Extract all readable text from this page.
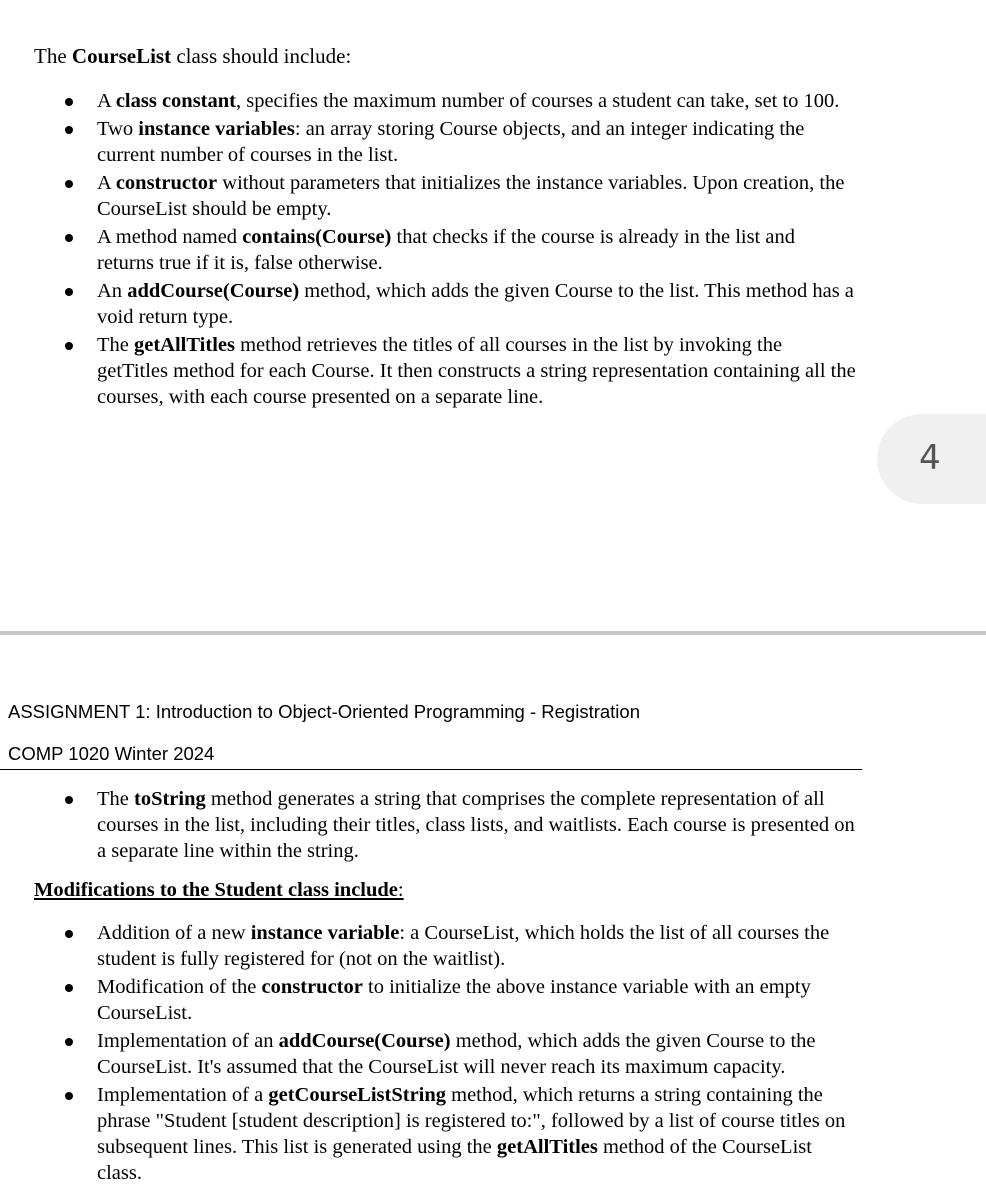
The CourseList class should include:

A class constant, specifies the maximum number of courses a student can take, set to 100.
Two instance variables: an array storing Course objects, and an integer indicating the current number of courses in the list.
A constructor without parameters that initializes the instance variables. Upon creation, the CourseList should be empty.
A method named contains(Course) that checks if the course is already in the list and returns true if it is, false otherwise.
An addCourse(Course) method, which adds the given Course to the list. This method has a void return type.
The getAllTitles method retrieves the titles of all courses in the list by invoking the getTitles method for each Course. It then constructs a string representation containing all the courses, with each course presented on a separate line.
4
ASSIGNMENT 1: Introduction to Object-Oriented Programming - Registration
COMP 1020 Winter 2024
The toString method generates a string that comprises the complete representation of all courses in the list, including their titles, class lists, and waitlists. Each course is presented on a separate line within the string.
Modifications to the Student class include:
Addition of a new instance variable: a CourseList, which holds the list of all courses the student is fully registered for (not on the waitlist).
Modification of the constructor to initialize the above instance variable with an empty CourseList.
Implementation of an addCourse(Course) method, which adds the given Course to the CourseList. It's assumed that the CourseList will never reach its maximum capacity.
Implementation of a getCourseListString method, which returns a string containing the phrase "Student [student description] is registered to:", followed by a list of course titles on subsequent lines. This list is generated using the getAllTitles method of the CourseList class.
